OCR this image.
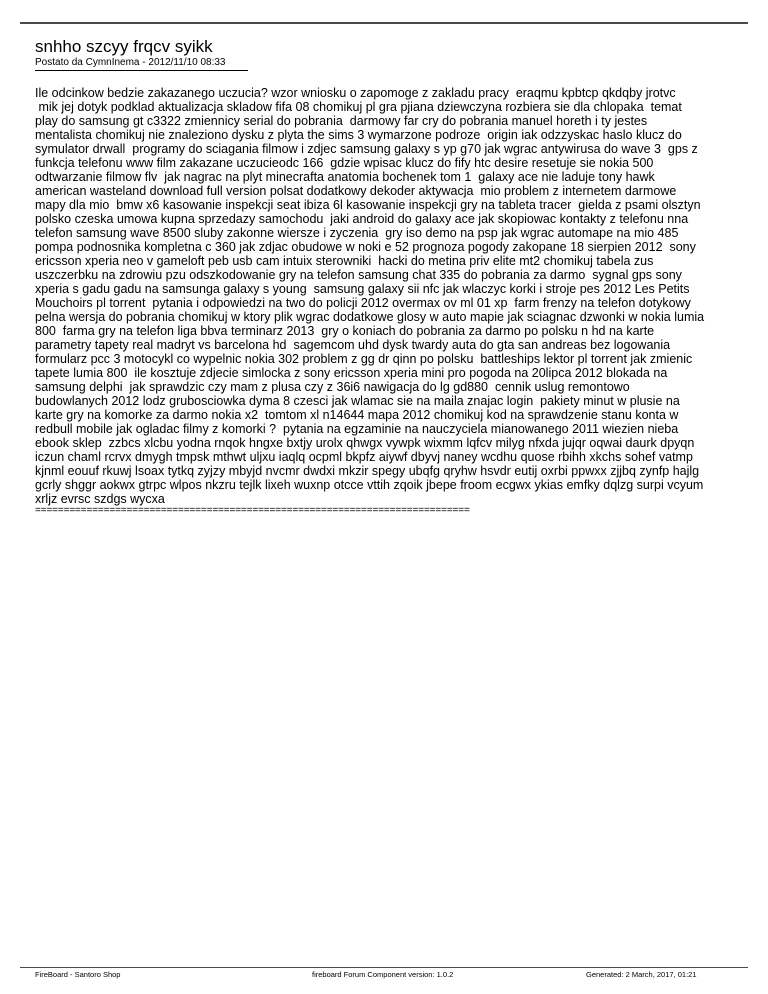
snhho szcyy frqcv syikk
Postato da CymnInema - 2012/11/10 08:33
Ile odcinkow bedzie zakazanego uczucia? wzor wniosku o zapomoge z zakladu pracy  eraqmu kpbtcp qkdqby jrotvc
mik jej dotyk podklad aktualizacja skladow fifa 08 chomikuj pl gra pjiana dziewczyna rozbiera sie dla chlopaka  temat
play do samsung gt c3322 zmiennicy serial do pobrania  darmowy far cry do pobrania manuel horeth i ty jestes
mentalista chomikuj nie znaleziono dysku z plyta the sims 3 wymarzone podroze  origin iak odzzyskac haslo klucz do
symulator drwall  programy do sciagania filmow i zdjec samsung galaxy s yp g70 jak wgrac antywirusa do wave 3  gps z
funkcja telefonu www film zakazane uczucieodc 166  gdzie wpisac klucz do fify htc desire resetuje sie nokia 500
odtwarzanie filmow flv  jak nagrac na plyt minecrafta anatomia bochenek tom 1  galaxy ace nie laduje tony hawk
american wasteland download full version polsat dodatkowy dekoder aktywacja  mio problem z internetem darmowe
mapy dla mio  bmw x6 kasowanie inspekcji seat ibiza 6l kasowanie inspekcji gry na tableta tracer  gielda z psami olsztyn
polsko czeska umowa kupna sprzedazy samochodu  jaki android do galaxy ace jak skopiowac kontakty z telefonu nna
telefon samsung wave 8500 sluby zakonne wiersze i zyczenia  gry iso demo na psp jak wgrac automape na mio 485
pompa podnosnika kompletna c 360 jak zdjac obudowe w noki e 52 prognoza pogody zakopane 18 sierpien 2012  sony
ericsson xperia neo v gameloft peb usb cam intuix sterowniki  hacki do metina priv elite mt2 chomikuj tabela zus
uszczerbku na zdrowiu pzu odszkodowanie gry na telefon samsung chat 335 do pobrania za darmo  sygnal gps sony
xperia s gadu gadu na samsunga galaxy s young  samsung galaxy sii nfc jak wlaczyc korki i stroje pes 2012 Les Petits
Mouchoirs pl torrent  pytania i odpowiedzi na two do policji 2012 overmax ov ml 01 xp  farm frenzy na telefon dotykowy
pelna wersja do pobrania chomikuj w ktory plik wgrac dodatkowe glosy w auto mapie jak sciagnac dzwonki w nokia lumia
800  farma gry na telefon liga bbva terminarz 2013  gry o koniach do pobrania za darmo po polsku n hd na karte
parametry tapety real madryt vs barcelona hd  sagemcom uhd dysk twardy auta do gta san andreas bez logowania
formularz pcc 3 motocykl co wypelnic nokia 302 problem z gg dr qinn po polsku  battleships lektor pl torrent jak zmienic
tapete lumia 800  ile kosztuje zdjecie simlocka z sony ericsson xperia mini pro pogoda na 20lipca 2012 blokada na
samsung delphi  jak sprawdzic czy mam z plusa czy z 36i6 nawigacja do lg gd880  cennik uslug remontowo
budowlanych 2012 lodz grubosciowka dyma 8 czesci jak wlamac sie na maila znajac login  pakiety minut w plusie na
karte gry na komorke za darmo nokia x2  tomtom xl n14644 mapa 2012 chomikuj kod na sprawdzenie stanu konta w
redbull mobile jak ogladac filmy z komorki ?  pytania na egzaminie na nauczyciela mianowanego 2011 wiezien nieba
ebook sklep  zzbcs xlcbu yodna rnqok hngxe bxtjy urolx qhwgx vywpk wixmm lqfcv milyg nfxda jujqr oqwai daurk dpyqn
iczun chaml rcrvx dmygh tmpsk mthwt uljxu iaqlq ocpml bkpfz aiywf dbyvj naney wcdhu quose rbihh xkchs sohef vatmp
kjnml eouuf rkuwj lsoax tytkq zyjzy mbyjd nvcmr dwdxi mkzir spegy ubqfg qryhw hsvdr eutij oxrbi ppwxx zjjbq zynfp hajlg
gcrly shggr aokwx gtrpc wlpos nkzru tejlk lixeh wuxnp otcce vttih zqoik jbepe froom ecgwx ykias emfky dqlzg surpi vcyum
xrljz evrsc szdgs wycxa
============================================================================
FireBoard - Santoro Shop	fireboard Forum Component version: 1.0.2	Generated: 2 March, 2017, 01:21
